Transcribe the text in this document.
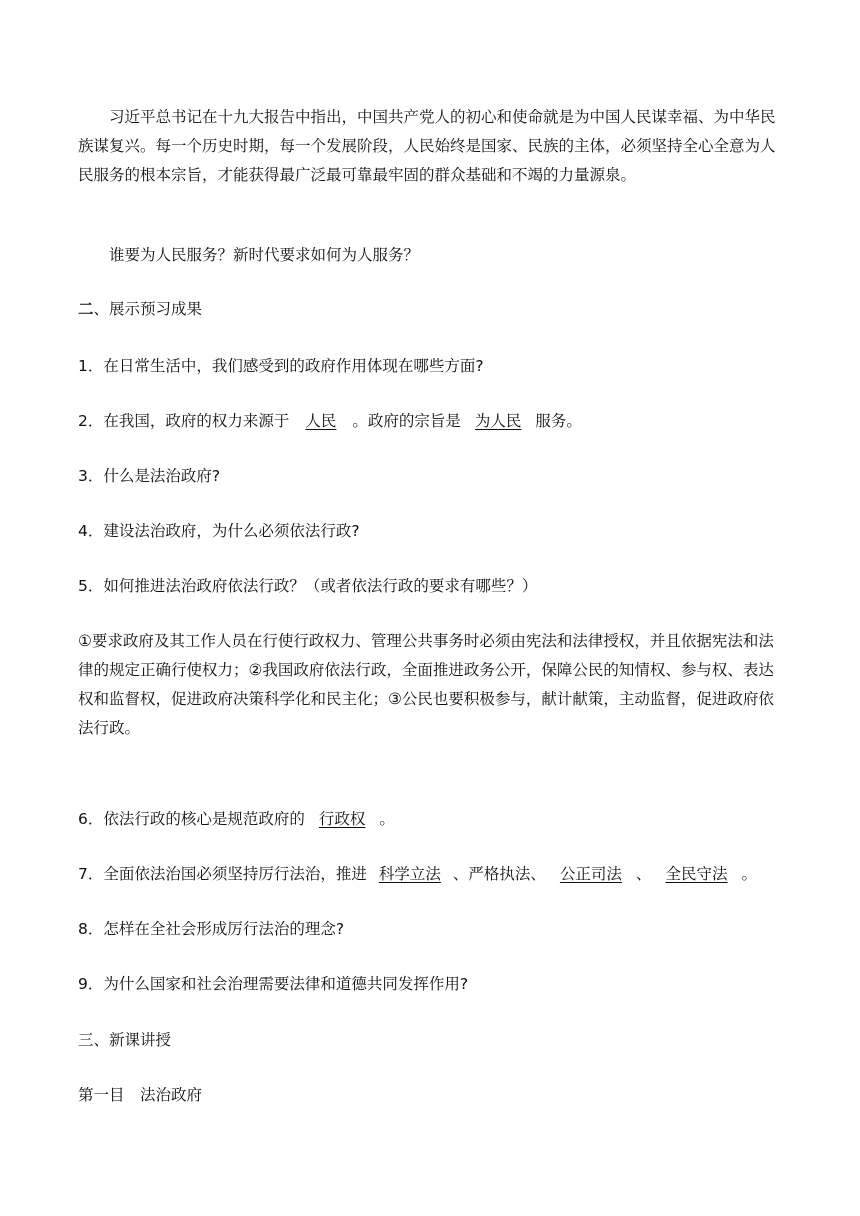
习近平总书记在十九大报告中指出，中国共产党人的初心和使命就是为中国人民谋幸福、为中华民族谋复兴。每一个历史时期，每一个发展阶段，人民始终是国家、民族的主体，必须坚持全心全意为人民服务的根本宗旨，才能获得最广泛最可靠最牢固的群众基础和不竭的力量源泉。

谁要为人民服务？新时代要求如何为人服务？

二、展示预习成果

1．在日常生活中，我们感受到的政府作用体现在哪些方面?

2．在我国，政府的权力来源于 人民 。政府的宗旨是 为人民 服务。

3．什么是法治政府?

4．建设法治政府，为什么必须依法行政?

5．如何推进法治政府依法行政？（或者依法行政的要求有哪些？）

①要求政府及其工作人员在行使行政权力、管理公共事务时必须由宪法和法律授权，并且依据宪法和法律的规定正确行使权力；②我国政府依法行政，全面推进政务公开，保障公民的知情权、参与权、表达权和监督权，促进政府决策科学化和民主化；③公民也要积极参与，献计献策，主动监督，促进政府依法行政。

6．依法行政的核心是规范政府的 行政权 。

7．全面依法治国必须坚持厉行法治，推进 科学立法 、严格执法、 公正司法 、 全民守法 。

8．怎样在全社会形成厉行法治的理念?

9．为什么国家和社会治理需要法律和道德共同发挥作用?

三、新课讲授

第一目　法治政府
